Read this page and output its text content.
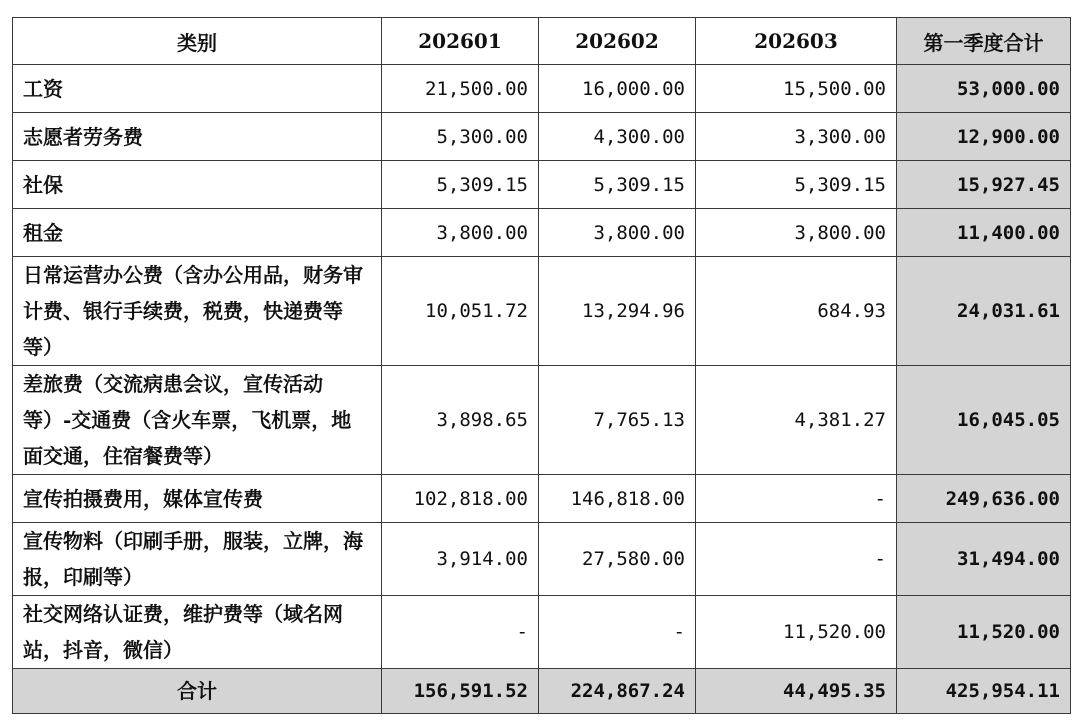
类别	202601	202602	202603	第一季度合计
工资	21,500.00	16,000.00	15,500.00	53,000.00
志愿者劳务费	5,300.00	4,300.00	3,300.00	12,900.00
社保	5,309.15	5,309.15	5,309.15	15,927.45
租金	3,800.00	3,800.00	3,800.00	11,400.00
日常运营办公费（含办公用品，财务审计费、银行手续费，税费，快递费等等）	10,051.72	13,294.96	684.93	24,031.61
差旅费（交流病患会议，宣传活动等）-交通费（含火车票，飞机票，地面交通，住宿餐费等）	3,898.65	7,765.13	4,381.27	16,045.05
宣传拍摄费用，媒体宣传费	102,818.00	146,818.00	-	249,636.00
宣传物料（印刷手册，服装，立牌，海报，印刷等）	3,914.00	27,580.00	-	31,494.00
社交网络认证费，维护费等（域名网站，抖音，微信）	-	-	11,520.00	11,520.00
合计	156,591.52	224,867.24	44,495.35	425,954.11
